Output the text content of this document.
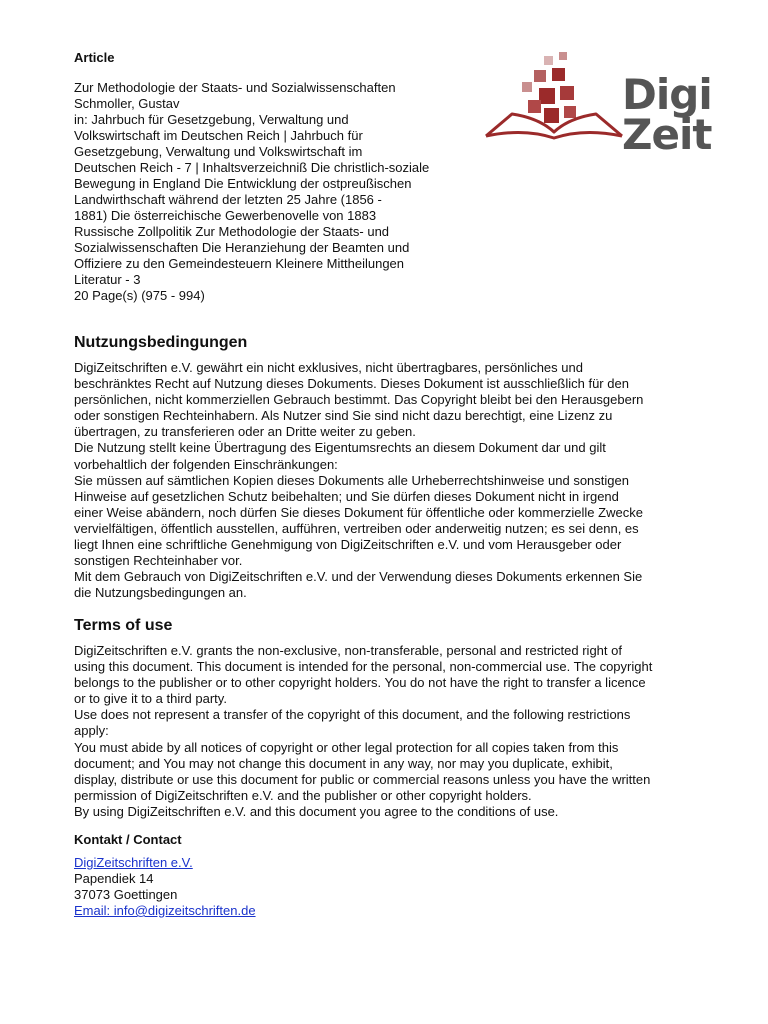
Article
Zur Methodologie der Staats- und Sozialwissenschaften
Schmoller, Gustav
in: Jahrbuch für Gesetzgebung, Verwaltung und
Volkswirtschaft im Deutschen Reich | Jahrbuch für
Gesetzgebung, Verwaltung und Volkswirtschaft im
Deutschen Reich - 7 | Inhaltsverzeichniß Die christlich-soziale
Bewegung in England Die Entwicklung der ostpreußischen
Landwirthschaft während der letzten 25 Jahre (1856 -
1881) Die österreichische Gewerbenovelle von 1883
Russische Zollpolitik Zur Methodologie der Staats- und
Sozialwissenschaften Die Heranziehung der Beamten und
Offiziere zu den Gemeindesteuern Kleinere Mittheilungen
Literatur - 3
20 Page(s) (975 - 994)
Nutzungsbedingungen
DigiZeitschriften e.V. gewährt ein nicht exklusives, nicht übertragbares, persönliches und
beschränktes Recht auf Nutzung dieses Dokuments. Dieses Dokument ist ausschließlich für den
persönlichen, nicht kommerziellen Gebrauch bestimmt. Das Copyright bleibt bei den Herausgebern
oder sonstigen Rechteinhabern. Als Nutzer sind Sie sind nicht dazu berechtigt, eine Lizenz zu
übertragen, zu transferieren oder an Dritte weiter zu geben.
Die Nutzung stellt keine Übertragung des Eigentumsrechts an diesem Dokument dar und gilt
vorbehaltlich der folgenden Einschränkungen:
Sie müssen auf sämtlichen Kopien dieses Dokuments alle Urheberrechtshinweise und sonstigen
Hinweise auf gesetzlichen Schutz beibehalten; und Sie dürfen dieses Dokument nicht in irgend
einer Weise abändern, noch dürfen Sie dieses Dokument für öffentliche oder kommerzielle Zwecke
vervielfältigen, öffentlich ausstellen, aufführen, vertreiben oder anderweitig nutzen; es sei denn, es
liegt Ihnen eine schriftliche Genehmigung von DigiZeitschriften e.V. und vom Herausgeber oder
sonstigen Rechteinhaber vor.
Mit dem Gebrauch von DigiZeitschriften e.V. und der Verwendung dieses Dokuments erkennen Sie
die Nutzungsbedingungen an.
Terms of use
DigiZeitschriften e.V. grants the non-exclusive, non-transferable, personal and restricted right of
using this document. This document is intended for the personal, non-commercial use. The copyright
belongs to the publisher or to other copyright holders. You do not have the right to transfer a licence
or to give it to a third party.
Use does not represent a transfer of the copyright of this document, and the following restrictions
apply:
You must abide by all notices of copyright or other legal protection for all copies taken from this
document; and You may not change this document in any way, nor may you duplicate, exhibit,
display, distribute or use this document for public or commercial reasons unless you have the written
permission of DigiZeitschriften e.V. and the publisher or other copyright holders.
By using DigiZeitschriften e.V. and this document you agree to the conditions of use.
Kontakt / Contact
DigiZeitschriften e.V.
Papendiek 14
37073 Goettingen
Email: info@digizeitschriften.de
Digi
Zeit
